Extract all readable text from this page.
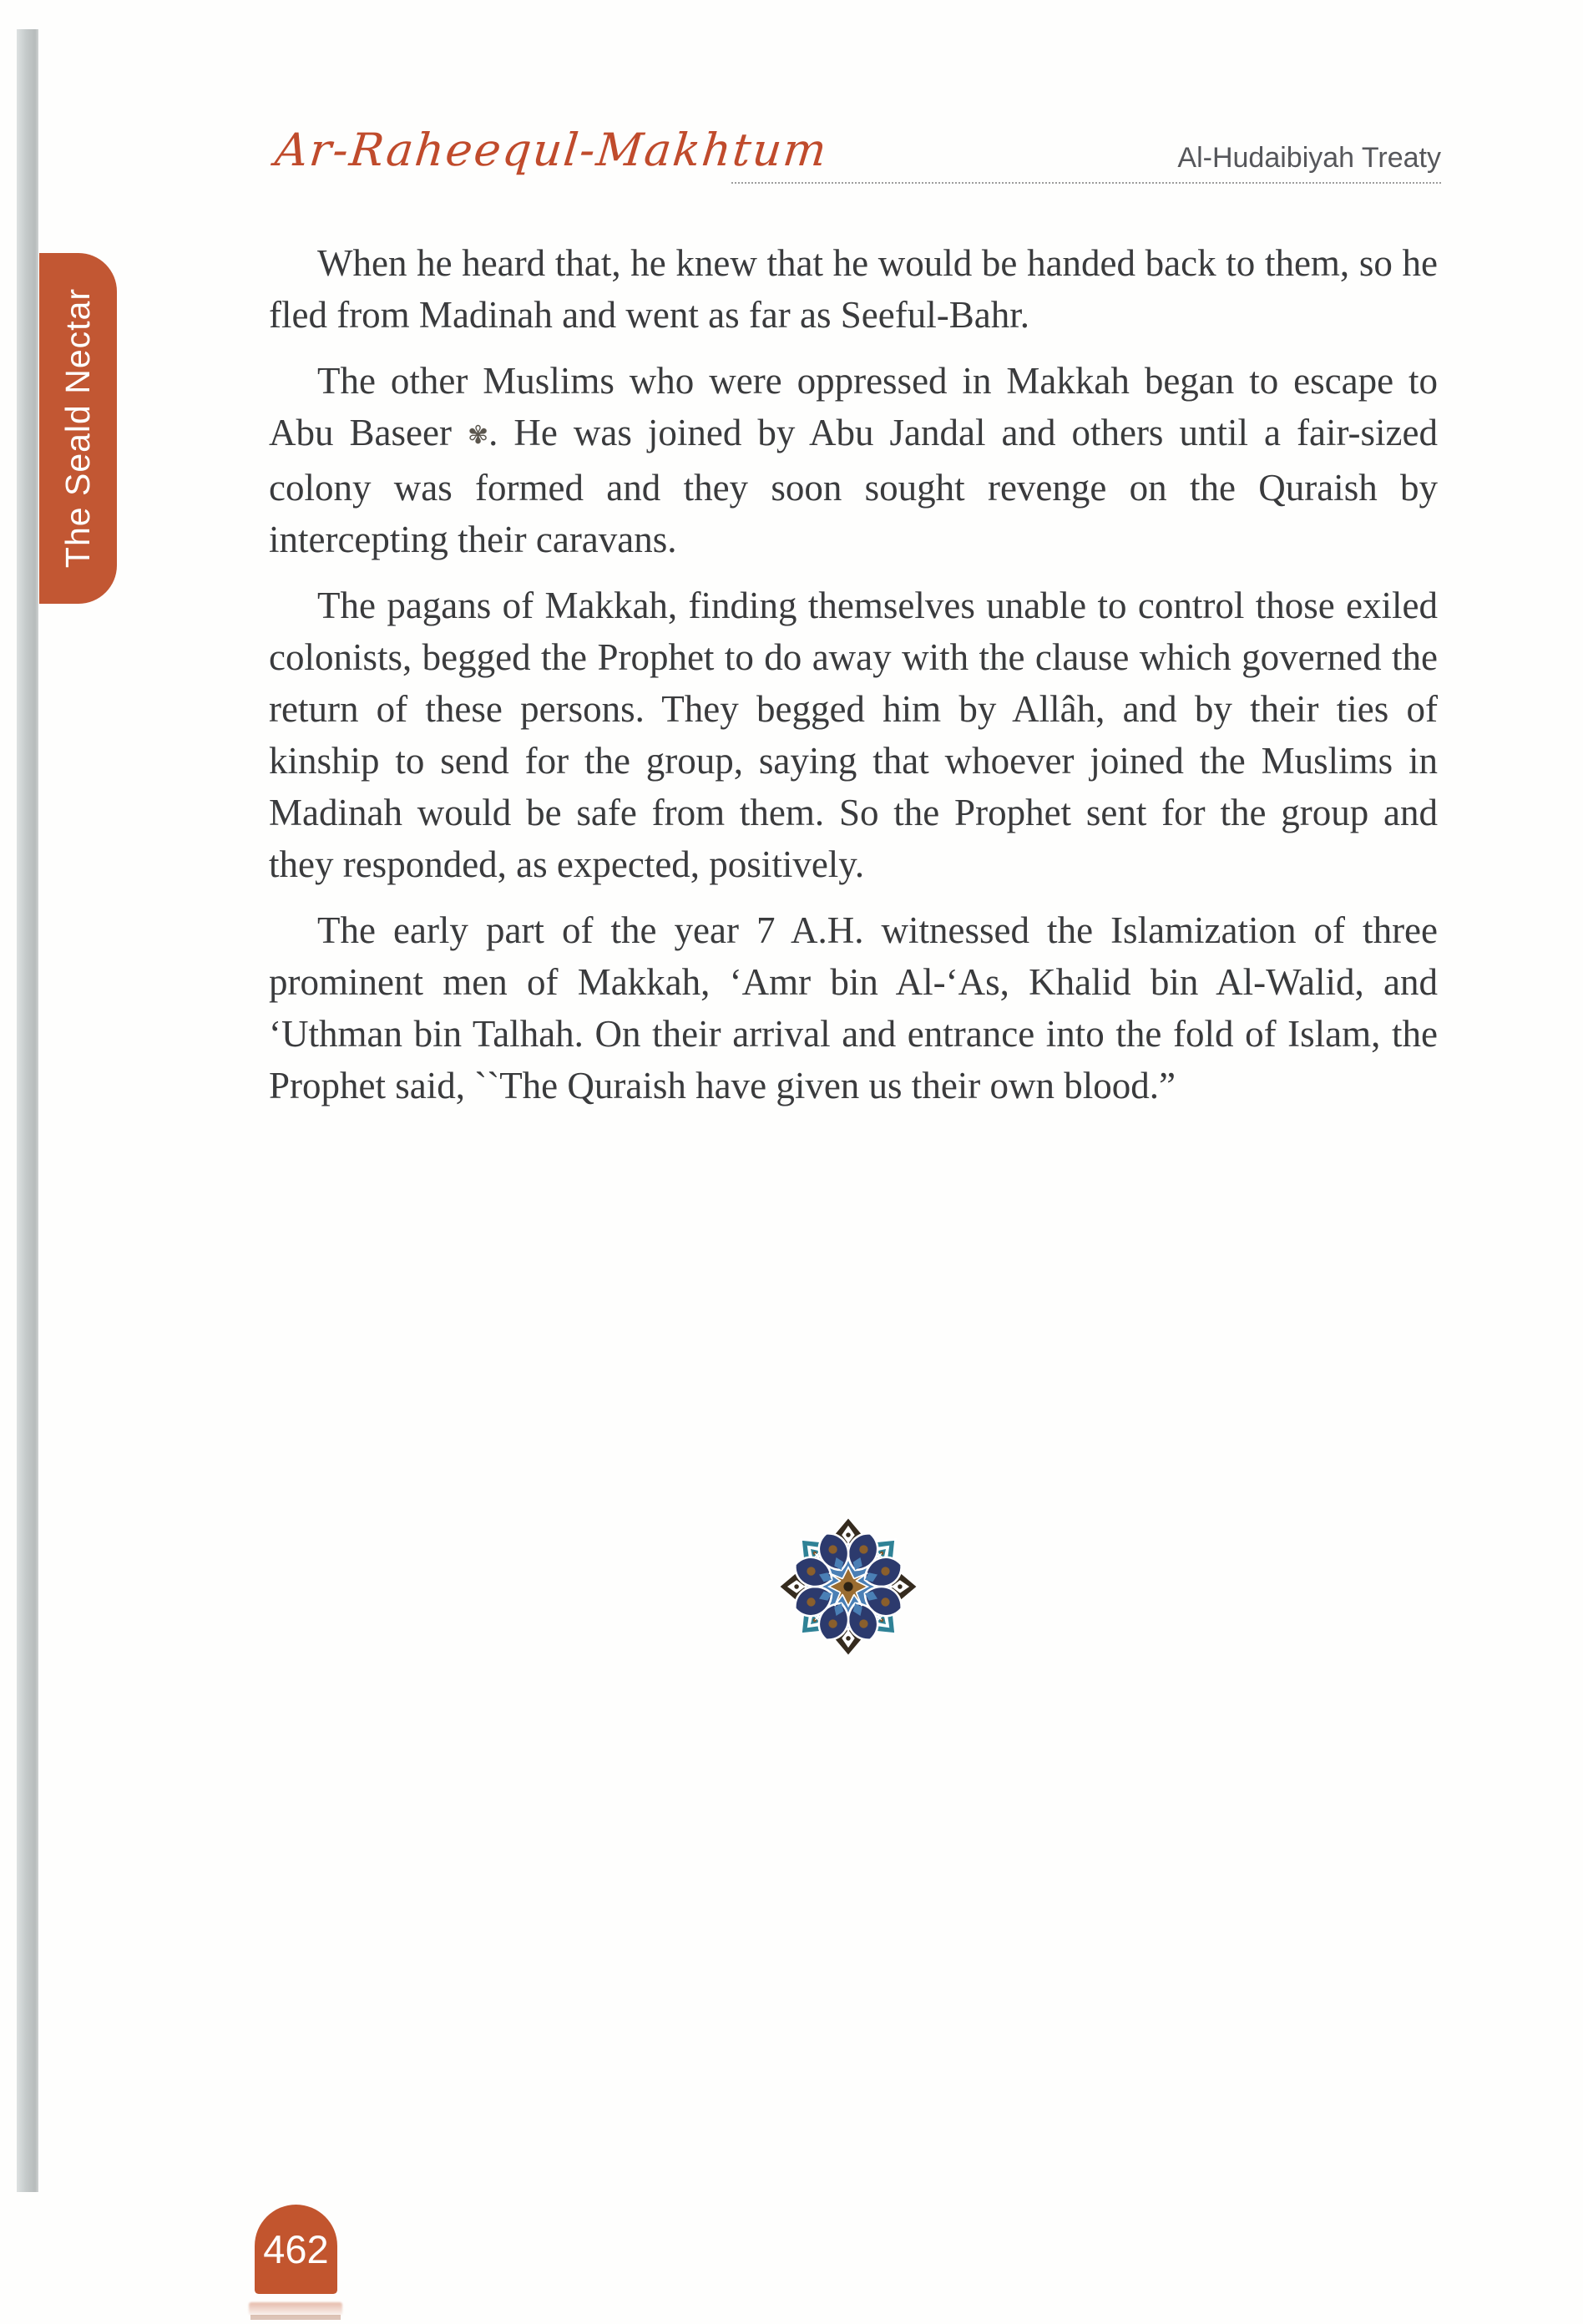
The Seald Nectar
Ar-Raheequl-Makhtum	Al-Hudaibiyah Treaty

When he heard that, he knew that he would be handed back to them, so he fled from Madinah and went as far as Seeful-Bahr.

The other Muslims who were oppressed in Makkah began to escape to Abu Baseer ✾. He was joined by Abu Jandal and others until a fair-sized colony was formed and they soon sought revenge on the Quraish by intercepting their caravans.

The pagans of Makkah, finding themselves unable to control those exiled colonists, begged the Prophet to do away with the clause which governed the return of these persons. They begged him by Allâh, and by their ties of kinship to send for the group, saying that whoever joined the Muslims in Madinah would be safe from them. So the Prophet sent for the group and they responded, as expected, positively.

The early part of the year 7 A.H. witnessed the Islamization of three prominent men of Makkah, ‘Amr bin Al-‘As, Khalid bin Al-Walid, and ‘Uthman bin Talhah. On their arrival and entrance into the fold of Islam, the Prophet said, ``The Quraish have given us their own blood.”

462
